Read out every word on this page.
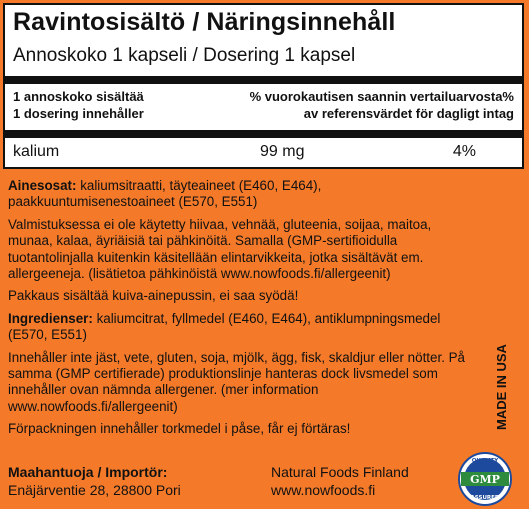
Ravintosisältö / Näringsinnehåll
Annoskoko 1 kapseli / Dosering 1 kapsel
1 annoskoko sisältää
1 dosering innehåller
% vuorokautisen saannin vertailuarvosta%
av referensvärdet för dagligt intag
kalium	99 mg	4%

Ainesosat: kaliumsitraatti, täyteaineet (E460, E464), paakkuuntumisenestoaineet (E570, E551)

Valmistuksessa ei ole käytetty hiivaa, vehnää, gluteenia, soijaa, maitoa, munaa, kalaa, äyriäisiä tai pähkinöitä. Samalla (GMP-sertifioidulla tuotantolinjalla kuitenkin käsitellään elintarvikkeita, jotka sisältävät em. allergeeneja. (lisätietoa pähkinöistä www.nowfoods.fi/allergeenit)

Pakkaus sisältää kuiva-ainepussin, ei saa syödä!

Ingredienser: kaliumcitrat, fyllmedel (E460, E464), antiklumpningsmedel (E570, E551)

Innehåller inte jäst, vete, gluten, soja, mjölk, ägg, fisk, skaldjur eller nötter. På samma (GMP certifierade) produktionslinje hanteras dock livsmedel som innehåller ovan nämnda allergener. (mer information www.nowfoods.fi/allergeenit)

Förpackningen innehåller torkmedel i påse, får ej förtäras!

Maahantuoja / Importör:
Enäjärventie 28, 28800 Pori
Natural Foods Finland
www.nowfoods.fi
MADE IN USA
QUALITY
GMP
ASSURED
